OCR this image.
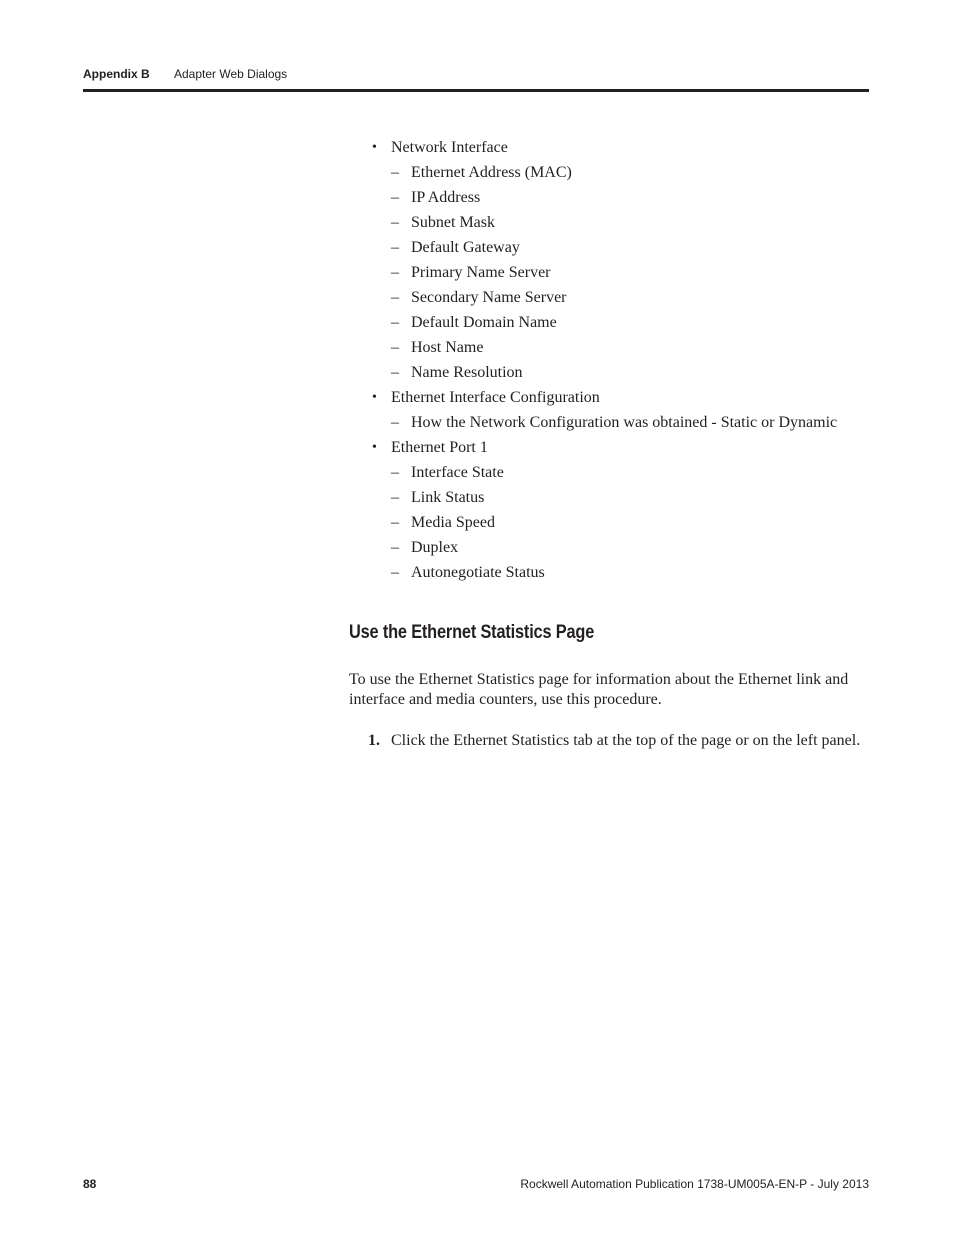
Appendix B Adapter Web Dialogs
• Network Interface
– Ethernet Address (MAC)
– IP Address
– Subnet Mask
– Default Gateway
– Primary Name Server
– Secondary Name Server
– Default Domain Name
– Host Name
– Name Resolution
• Ethernet Interface Configuration
– How the Network Configuration was obtained - Static or Dynamic
• Ethernet Port 1
– Interface State
– Link Status
– Media Speed
– Duplex
– Autonegotiate Status
Use the Ethernet Statistics Page

To use the Ethernet Statistics page for information about the Ethernet link and interface and media counters, use this procedure.

1. Click the Ethernet Statistics tab at the top of the page or on the left panel.
88	Rockwell Automation Publication 1738-UM005A-EN-P - July 2013
